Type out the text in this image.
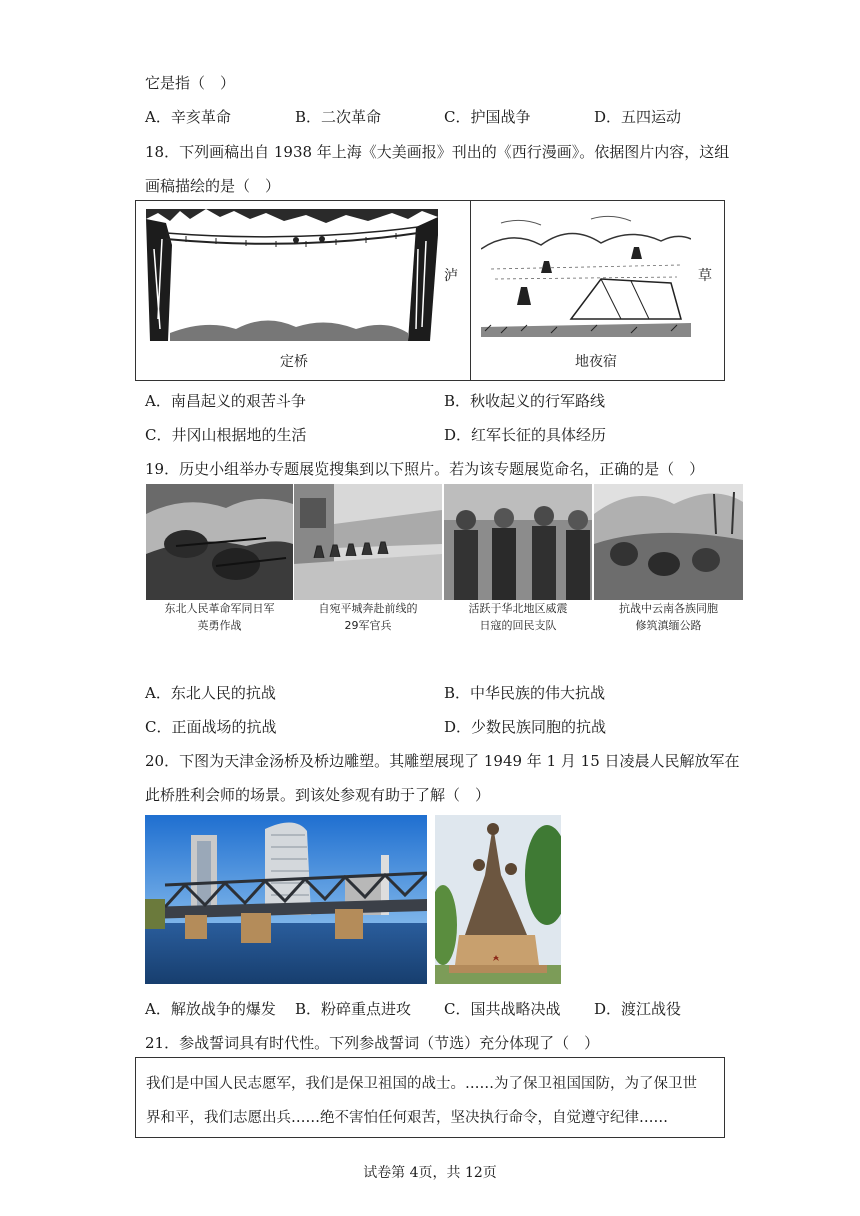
它是指（　）
A．辛亥革命	B．二次革命	C．护国战争	D．五四运动
18．下列画稿出自 1938 年上海《大美画报》刊出的《西行漫画》。依据图片内容，这组
画稿描绘的是（　）
定桥
泸
地夜宿
草
A．南昌起义的艰苦斗争	B．秋收起义的行军路线
C．井冈山根据地的生活	D．红军长征的具体经历
19．历史小组举办专题展览搜集到以下照片。若为该专题展览命名，正确的是（　）
东北人民革命军同日军
英勇作战
自宛平城奔赴前线的
29军官兵
活跃于华北地区威震
日寇的回民支队
抗战中云南各族同胞
修筑滇缅公路
A．东北人民的抗战	B．中华民族的伟大抗战
C．正面战场的抗战	D．少数民族同胞的抗战
20．下图为天津金汤桥及桥边雕塑。其雕塑展现了 1949 年 1 月 15 日凌晨人民解放军在
此桥胜利会师的场景。到该处参观有助于了解（　）
A．解放战争的爆发 B．粉碎重点进攻 C．国共战略决战 D．渡江战役
21．参战誓词具有时代性。下列参战誓词（节选）充分体现了（　）
我们是中国人民志愿军，我们是保卫祖国的战士。……为了保卫祖国国防，为了保卫世
界和平，我们志愿出兵……绝不害怕任何艰苦，坚决执行命令，自觉遵守纪律……
试卷第 4页，共 12页
